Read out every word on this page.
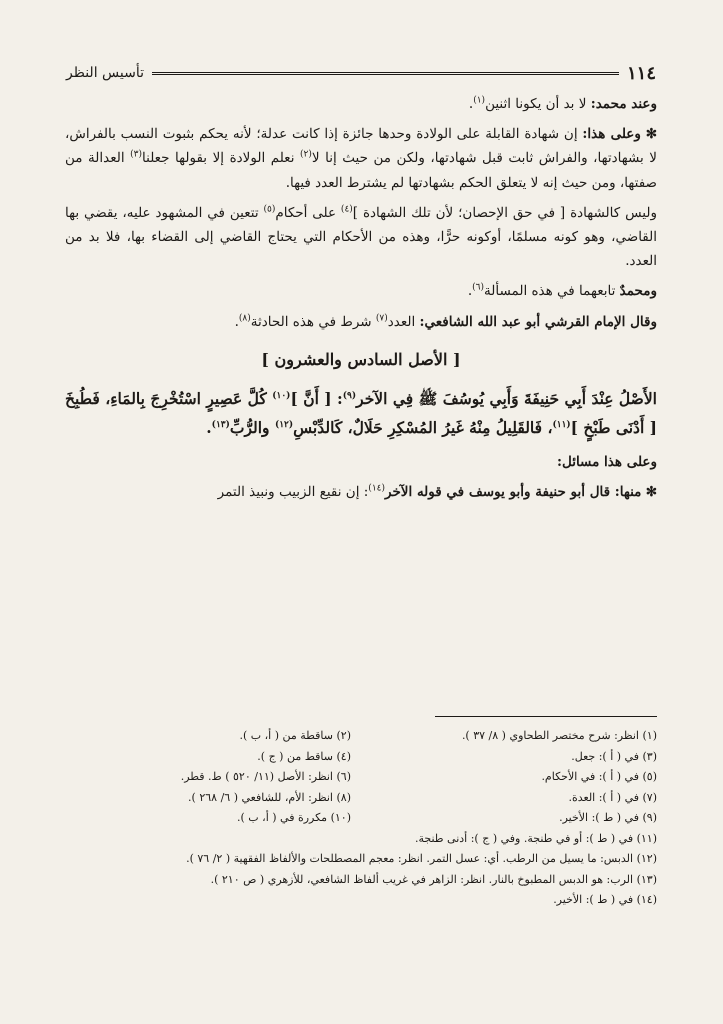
١١٤
تأسيس النظر

وعند محمد: لا بد أن يكونا اثنين$^{(١)}$.

✻ وعلى هذا: إن شهادة القابلة على الولادة وحدها جائزة إذا كانت عدلة؛ لأنه يحكم بثبوت النسب بالفراش، لا بشهادتها، والفراش ثابت قبل شهادتها، ولكن من حيث إنا لا$^{(٢)}$ نعلم الولادة إلا بقولها جعلنا$^{(٣)}$ العدالة من صفتها، ومن حيث إنه لا يتعلق الحكم بشهادتها لم يشترط العدد فيها.

وليس كالشهادة [ في حق الإحصان؛ لأن تلك الشهادة ]$^{(٤)}$ على أحكام$^{(٥)}$ تتعين في المشهود عليه، يقضي بها القاضي، وهو كونه مسلمًا، أوكونه حرًّا، وهذه من الأحكام التي يحتاج القاضي إلى القضاء بها، فلا بد من العدد.

ومحمدٌ تابعهما في هذه المسألة$^{(٦)}$.

وقال الإمام القرشي أبو عبد الله الشافعي: العدد$^{(٧)}$ شرط في هذه الحادثة$^{(٨)}$.

[ الأصل السادس والعشرون ]

الأَصْلُ عِنْدَ أَبِي حَنِيفَةَ وَأَبِي يُوسُفَ ﷺ فِي الآخر$^{(٩)}$: [ أَنَّ ]$^{(١٠)}$ كُلَّ عَصِيرٍ اسْتُخْرِجَ بِالمَاءِ، فَطُبِخَ [ أَدْنَى طَبْخٍ ]$^{(١١)}$، فَالقَلِيلُ مِنْهُ غَيرُ المُسْكِرِ حَلَالٌ، كَالدِّبْسِ$^{(١٢)}$ والرُّبِّ$^{(١٣)}$.

وعلى هذا مسائل:

✻ منها: قال أبو حنيفة وأبو يوسف في قوله الآخر$^{(١٤)}$: إن نقيع الزبيب ونبيذ التمر

(١) انظر: شرح مختصر الطحاوي ( ٨/ ٣٧ ).
(٢) ساقطة من ( أ، ب ).
(٣) في ( أ ): جعل.
(٤) ساقط من ( ج ).
(٥) في ( أ ): في الأحكام.
(٦) انظر: الأصل (١١/ ٥٢٠ ) ط. قطر.
(٧) في ( أ ): العدة.
(٨) انظر: الأم، للشافعي ( ٦/ ٢٦٨ ).
(٩) في ( ط ): الأخير.
(١٠) مكررة في ( أ، ب ).
(١١) في ( ط ): أو في طنجة. وفي ( ج ): أدنى طنجة.
(١٢) الدبس: ما يسيل من الرطب. أي: عسل التمر. انظر: معجم المصطلحات والألفاظ الفقهية ( ٢/ ٧٦ ).
(١٣) الرب: هو الدبس المطبوخ بالنار. انظر: الزاهر في غريب ألفاظ الشافعي، للأزهري ( ص ٢١٠ ).
(١٤) في ( ط ): الأخير.
